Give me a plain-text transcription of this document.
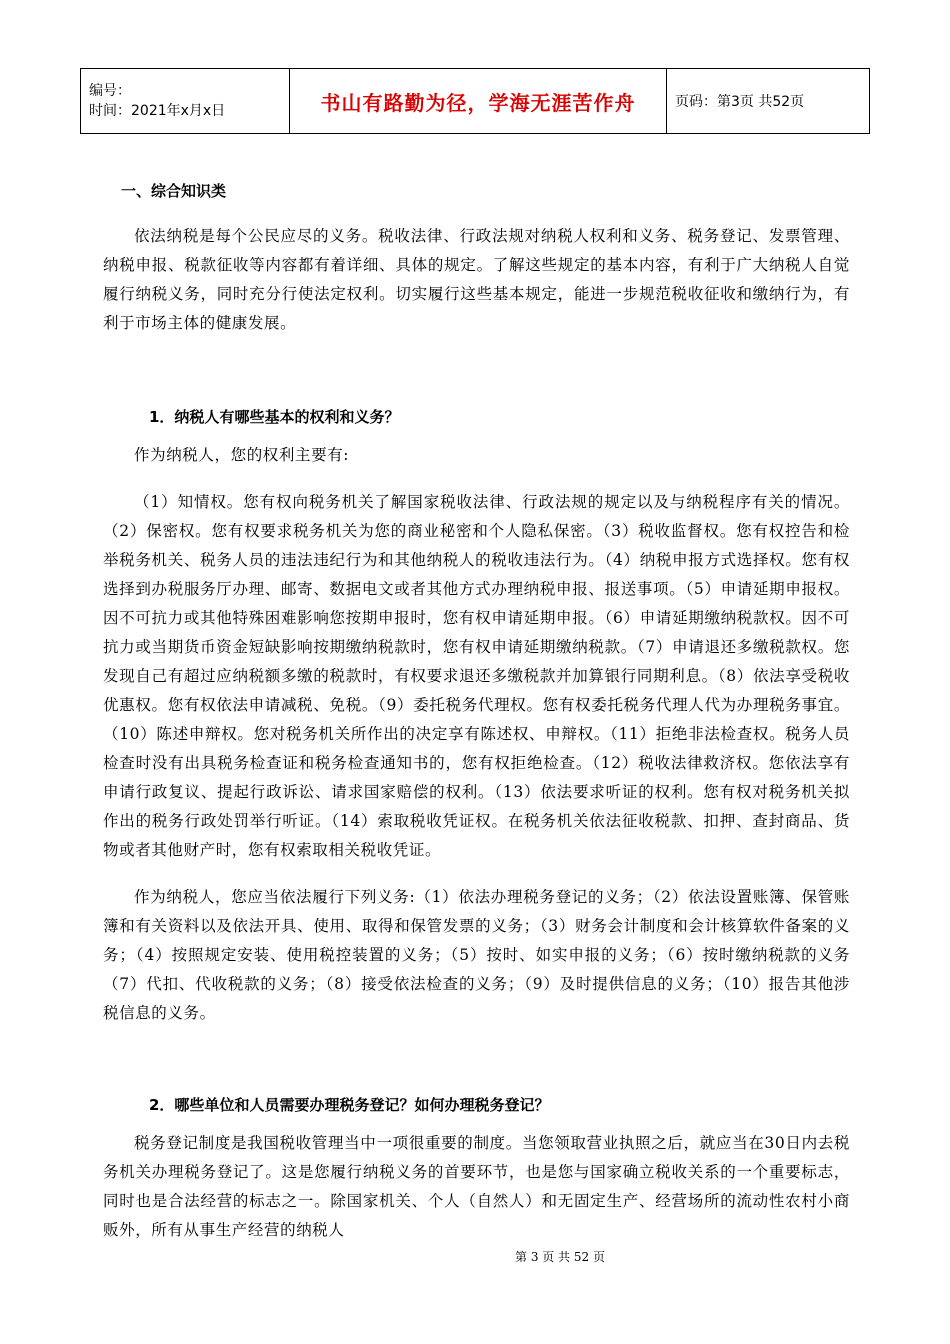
编号：
时间：2021年x月x日	书山有路勤为径，学海无涯苦作舟	页码：第3页 共52页
一、综合知识类

依法纳税是每个公民应尽的义务。税收法律、行政法规对纳税人权利和义务、税务登记、发票管理、纳税申报、税款征收等内容都有着详细、具体的规定。了解这些规定的基本内容，有利于广大纳税人自觉履行纳税义务，同时充分行使法定权利。切实履行这些基本规定，能进一步规范税收征收和缴纳行为，有利于市场主体的健康发展。

1．纳税人有哪些基本的权利和义务？

作为纳税人，您的权利主要有:

（1）知情权。您有权向税务机关了解国家税收法律、行政法规的规定以及与纳税程序有关的情况。（2）保密权。您有权要求税务机关为您的商业秘密和个人隐私保密。（3）税收监督权。您有权控告和检举税务机关、税务人员的违法违纪行为和其他纳税人的税收违法行为。（4）纳税申报方式选择权。您有权选择到办税服务厅办理、邮寄、数据电文或者其他方式办理纳税申报、报送事项。（5）申请延期申报权。因不可抗力或其他特殊困难影响您按期申报时，您有权申请延期申报。（6）申请延期缴纳税款权。因不可抗力或当期货币资金短缺影响按期缴纳税款时，您有权申请延期缴纳税款。（7）申请退还多缴税款权。您发现自己有超过应纳税额多缴的税款时，有权要求退还多缴税款并加算银行同期利息。（8）依法享受税收优惠权。您有权依法申请减税、免税。（9）委托税务代理权。您有权委托税务代理人代为办理税务事宜。（10）陈述申辩权。您对税务机关所作出的决定享有陈述权、申辩权。（11）拒绝非法检查权。税务人员检查时没有出具税务检查证和税务检查通知书的，您有权拒绝检查。（12）税收法律救济权。您依法享有申请行政复议、提起行政诉讼、请求国家赔偿的权利。（13）依法要求听证的权利。您有权对税务机关拟作出的税务行政处罚举行听证。（14）索取税收凭证权。在税务机关依法征收税款、扣押、查封商品、货物或者其他财产时，您有权索取相关税收凭证。

作为纳税人，您应当依法履行下列义务:（1）依法办理税务登记的义务；（2）依法设置账簿、保管账簿和有关资料以及依法开具、使用、取得和保管发票的义务；（3）财务会计制度和会计核算软件备案的义务；（4）按照规定安装、使用税控装置的义务；（5）按时、如实申报的义务；（6）按时缴纳税款的义务（7）代扣、代收税款的义务；（8）接受依法检查的义务；（9）及时提供信息的义务；（10）报告其他涉税信息的义务。

2．哪些单位和人员需要办理税务登记？如何办理税务登记？

税务登记制度是我国税收管理当中一项很重要的制度。当您领取营业执照之后，就应当在30日内去税务机关办理税务登记了。这是您履行纳税义务的首要环节，也是您与国家确立税收关系的一个重要标志，同时也是合法经营的标志之一。除国家机关、个人（自然人）和无固定生产、经营场所的流动性农村小商贩外，所有从事生产经营的纳税人

第 3 页 共 52 页
